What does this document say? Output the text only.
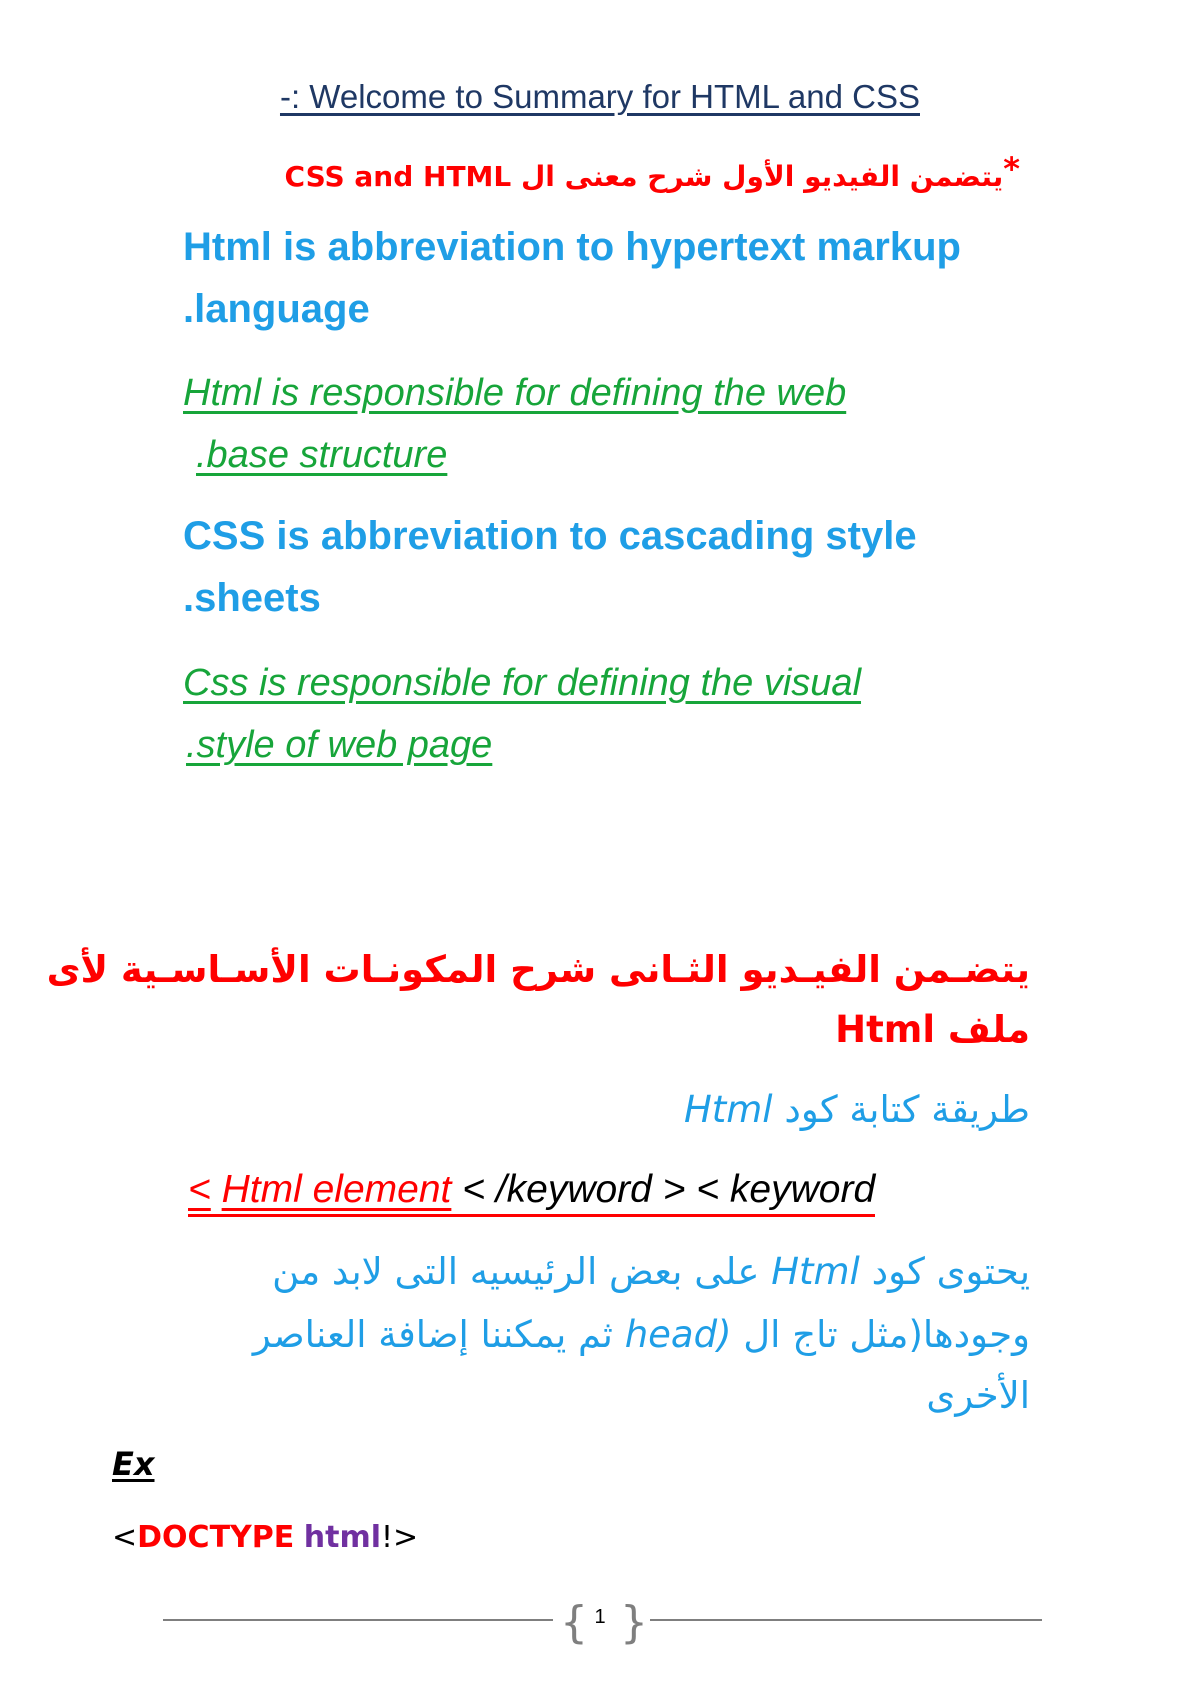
-: Welcome to Summary for HTML and CSS
*يتضمن الفيديو الأول شرح معنى ال CSS and HTML
Html is abbreviation to hypertext markup
.language
Html is responsible for defining the web
.base structure
CSS is abbreviation to cascading style
.sheets
Css is responsible for defining the visual
.style of web page
يتضـمن الفيـديو الثـانى شرح المكونـات الأسـاسـية لأى
ملف Html
طريقة كتابة كود Html
< Html element < /keyword > < keyword
يحتوى كود Html على بعض الرئيسيه التى لابد من
وجودها(مثل تاج ال (head ثم يمكننا إضافة العناصر
الأخرى
Ex
<DOCTYPE html!>
{ 1 }
